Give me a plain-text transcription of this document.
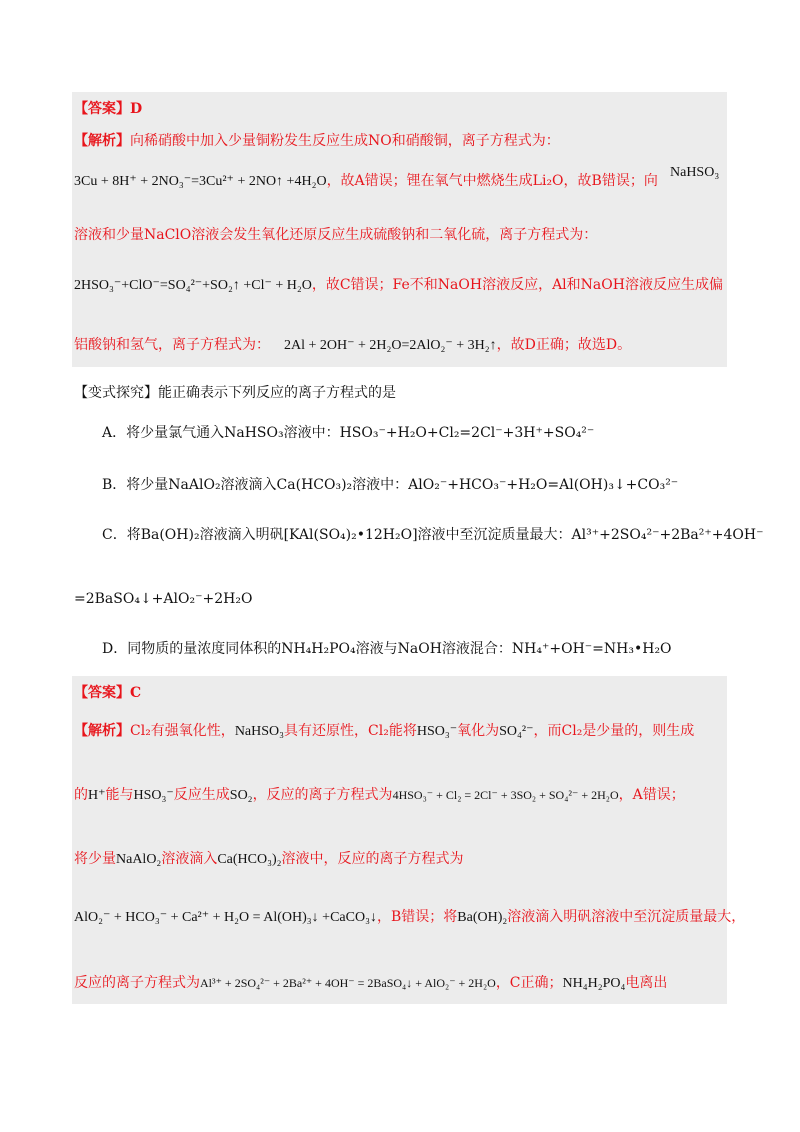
【答案】D
【解析】向稀硝酸中加入少量铜粉发生反应生成NO和硝酸铜，离子方程式为：
3Cu + 8H⁺ + 2NO₃⁻=3Cu²⁺ + 2NO↑ +4H₂O，故A错误；锂在氧气中燃烧生成Li₂O，故B错误；向
NaHSO₃
溶液和少量NaClO溶液会发生氧化还原反应生成硫酸钠和二氧化硫，离子方程式为：
2HSO₃⁻+ClO⁻=SO₄²⁻+SO₂↑ +Cl⁻ + H₂O，故C错误；Fe不和NaOH溶液反应，Al和NaOH溶液反应生成偏
铝酸钠和氢气，离子方程式为： 2Al + 2OH⁻ + 2H₂O=2AlO₂⁻ + 3H₂↑，故D正确；故选D。
【变式探究】能正确表示下列反应的离子方程式的是
A．将少量氯气通入NaHSO₃溶液中：HSO₃⁻+H₂O+Cl₂=2Cl⁻+3H⁺+SO₄²⁻
B．将少量NaAlO₂溶液滴入Ca(HCO₃)₂溶液中：AlO₂⁻+HCO₃⁻+H₂O=Al(OH)₃↓+CO₃²⁻
C．将Ba(OH)₂溶液滴入明矾[KAl(SO₄)₂•12H₂O]溶液中至沉淀质量最大：Al³⁺+2SO₄²⁻+2Ba²⁺+4OH⁻
=2BaSO₄↓+AlO₂⁻+2H₂O
D．同物质的量浓度同体积的NH₄H₂PO₄溶液与NaOH溶液混合：NH₄⁺+OH⁻=NH₃•H₂O
【答案】C
【解析】Cl₂有强氧化性，NaHSO₃具有还原性，Cl₂能将HSO₃⁻氧化为SO₄²⁻，而Cl₂是少量的，则生成
的H⁺能与HSO₃⁻反应生成SO₂，反应的离子方程式为4HSO₃⁻ + Cl₂ = 2Cl⁻ + 3SO₂ + SO₄²⁻ + 2H₂O，A错误；
将少量NaAlO₂溶液滴入Ca(HCO₃)₂溶液中，反应的离子方程式为
AlO₂⁻ + HCO₃⁻ + Ca²⁺ + H₂O = Al(OH)₃↓ +CaCO₃↓，B错误；将Ba(OH)₂溶液滴入明矾溶液中至沉淀质量最大，
反应的离子方程式为Al³⁺ + 2SO₄²⁻ + 2Ba²⁺ + 4OH⁻ = 2BaSO₄↓ + AlO₂⁻ + 2H₂O，C正确；NH₄H₂PO₄电离出
